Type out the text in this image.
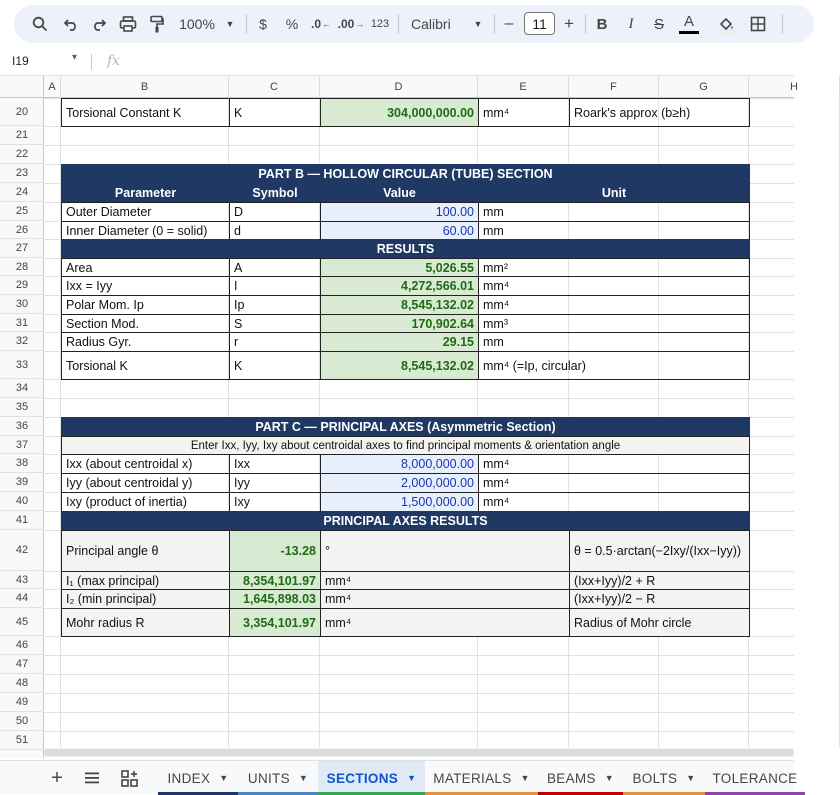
100% ▼ $ % .0 ← .00 → 123 Calibri	▼ – 11 + B I S A
I19	▾ fx
Torsional Constant K	K	304,000,000.00 mm⁴	Roark's approx (b≥h)
PART B — HOLLOW CIRCULAR (TUBE) SECTION
Parameter	Symbol	Value	Unit
Outer Diameter	D	100.00 mm
Inner Diameter (0 = solid)	d	60.00 mm
RESULTS
Area	A	5,026.55 mm²
Ixx = Iyy	I	4,272,566.01 mm⁴
Polar Mom. Ip	Ip	8,545,132.02 mm⁴
Section Mod.	S	170,902.64 mm³
Radius Gyr.	r	29.15 mm
Torsional K	K	8,545,132.02 mm⁴ (=Ip, circular)
PART C — PRINCIPAL AXES (Asymmetric Section)
Enter Ixx, Iyy, Ixy about centroidal axes to find principal moments & orientation angle
Ixx (about centroidal x)	Ixx	8,000,000.00 mm⁴
Iyy (about centroidal y)	Iyy	2,000,000.00 mm⁴
Ixy (product of inertia)	Ixy	1,500,000.00 mm⁴
PRINCIPAL AXES RESULTS
Principal angle θ	-13.28 °	θ = 0.5·arctan(−2Ixy/(Ixx−Iyy))
I₁ (max principal)	8,354,101.97 mm⁴	(Ixx+Iyy)/2 + R
I₂ (min principal)	1,645,898.03 mm⁴	(Ixx+Iyy)/2 − R
Mohr radius R	3,354,101.97 mm⁴	Radius of Mohr circle
A	B	C	D	E	F	G	H
20
21
22
23
24
25
26
27
28
29
30
31
32
33
34
35
36
37
38
39
40
41
42
43
44
45
46
47
48
49
50
51
+	INDEX ▼ UNITS ▼ SECTIONS ▼ MATERIALS ▼ BEAMS ▼ BOLTS ▼ TOLERANCE
